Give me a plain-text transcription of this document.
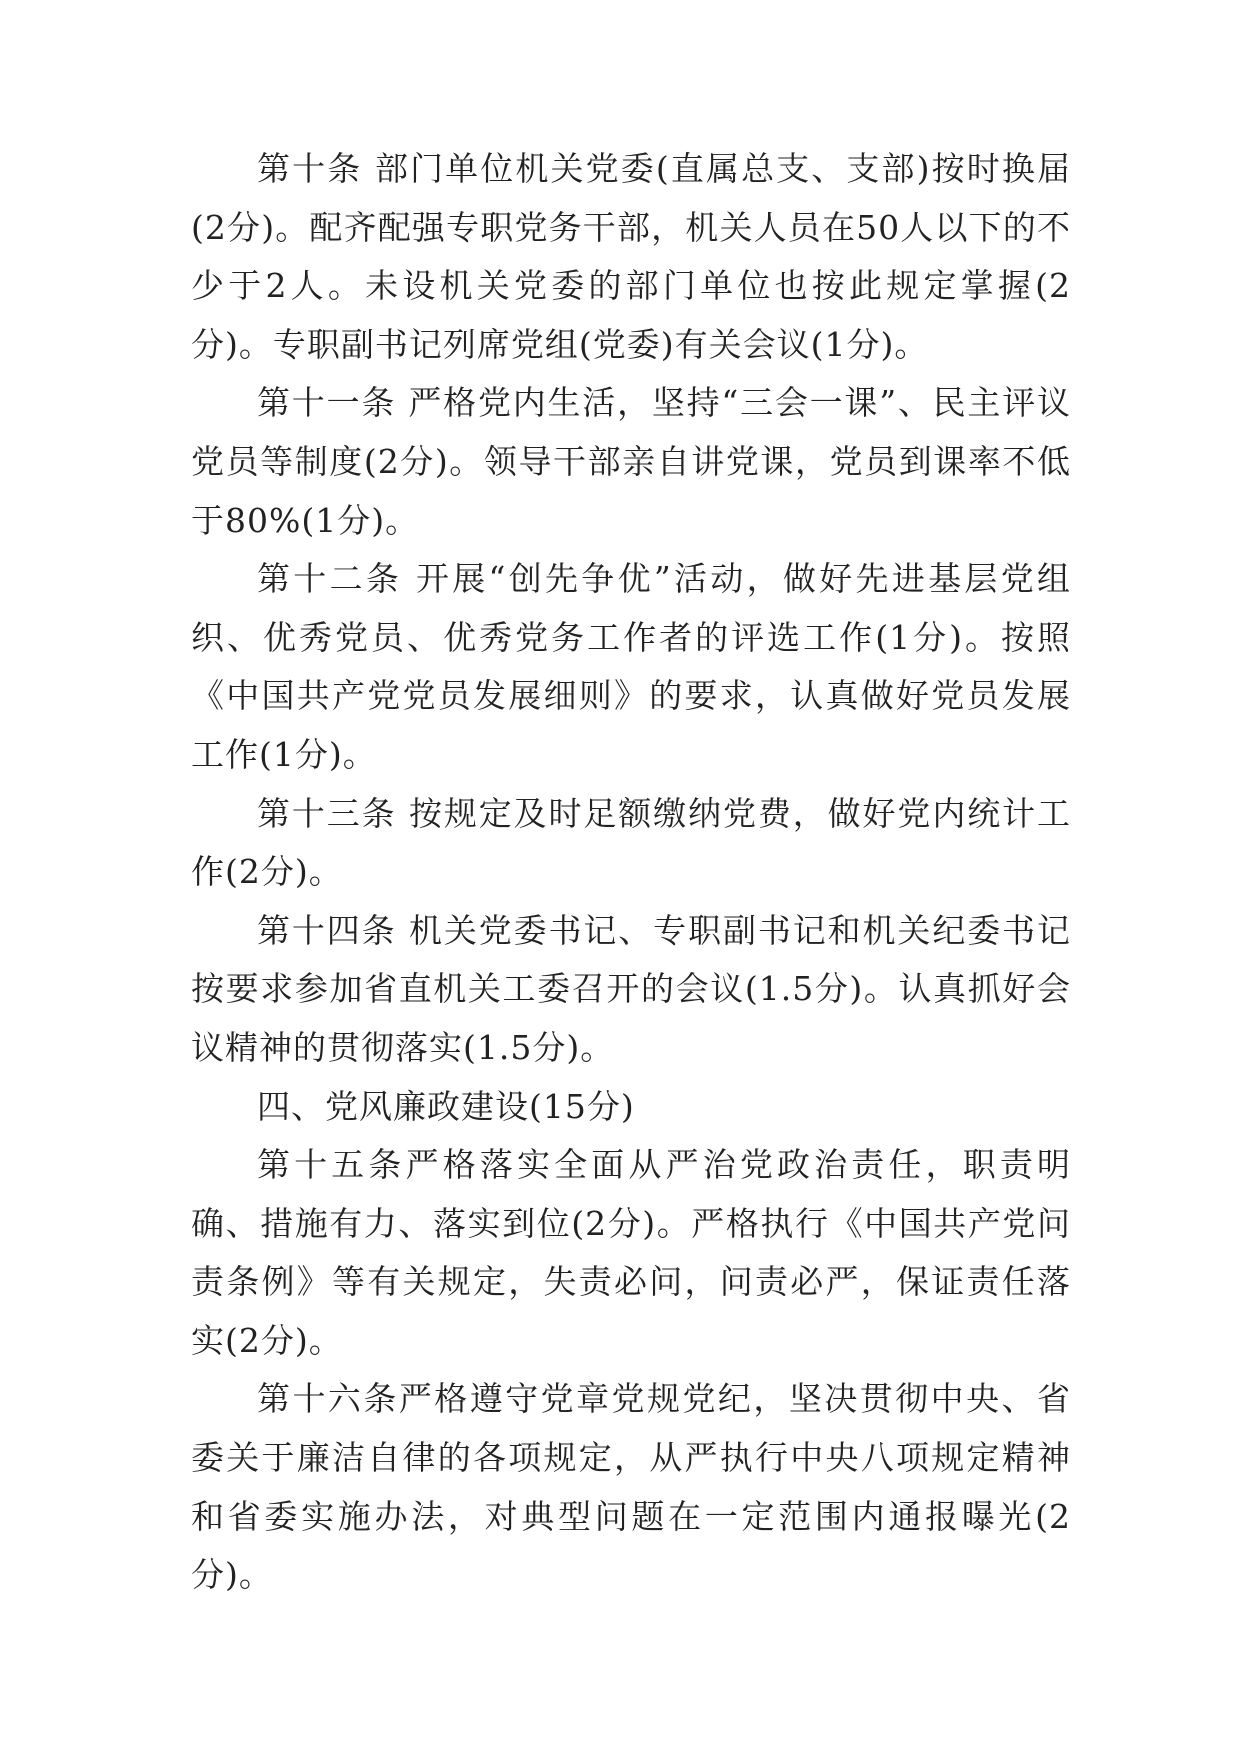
第十条 部门单位机关党委(直属总支、支部)按时换届(2分)。配齐配强专职党务干部，机关人员在50人以下的不少于2人。未设机关党委的部门单位也按此规定掌握(2分)。专职副书记列席党组(党委)有关会议(1分)。

第十一条 严格党内生活，坚持“三会一课”、民主评议党员等制度(2分)。领导干部亲自讲党课，党员到课率不低于80%(1分)。

第十二条 开展“创先争优”活动，做好先进基层党组织、优秀党员、优秀党务工作者的评选工作(1分)。按照《中国共产党党员发展细则》的要求，认真做好党员发展工作(1分)。

第十三条 按规定及时足额缴纳党费，做好党内统计工作(2分)。

第十四条 机关党委书记、专职副书记和机关纪委书记按要求参加省直机关工委召开的会议(1.5分)。认真抓好会议精神的贯彻落实(1.5分)。

四、党风廉政建设(15分)

第十五条严格落实全面从严治党政治责任，职责明确、措施有力、落实到位(2分)。严格执行《中国共产党问责条例》等有关规定，失责必问，问责必严，保证责任落实(2分)。

第十六条严格遵守党章党规党纪，坚决贯彻中央、省委关于廉洁自律的各项规定，从严执行中央八项规定精神和省委实施办法，对典型问题在一定范围内通报曝光(2分)。
